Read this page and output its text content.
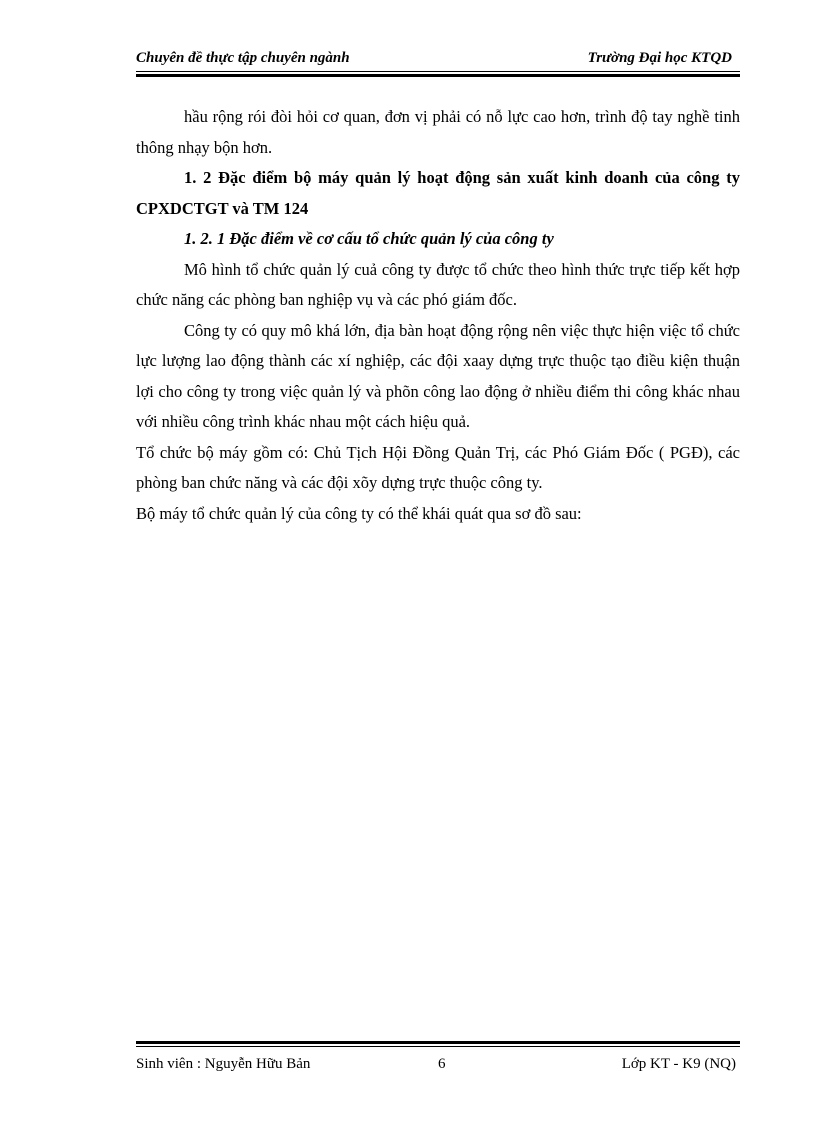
Chuyên đề thực tập chuyên ngành	Trường Đại học KTQD

hầu rộng rói đòi hỏi cơ quan, đơn vị phải có nỗ lực cao hơn, trình độ tay nghề tinh thông nhạy bộn hơn.

1. 2 Đặc điểm bộ máy quản lý hoạt động sản xuất kinh doanh của công ty CPXDCTGT và TM 124

1. 2. 1 Đặc điểm về cơ cấu tổ chức quản lý của công ty

Mô hình tổ chức quản lý cuả công ty được tổ chức theo hình thức trực tiếp kết hợp chức năng các phòng ban nghiệp vụ và các phó giám đốc.

Công ty có quy mô khá lớn, địa bàn hoạt động rộng nên việc thực hiện việc tổ chức lực lượng lao động thành các xí nghiệp, các đội xaay dựng trực thuộc tạo điều kiện thuận lợi cho công ty trong việc quản lý và phõn công lao động ở nhiều điểm thi công khác nhau với nhiều công trình khác nhau một cách hiệu quả.

Tổ chức bộ máy gồm có: Chủ Tịch Hội Đồng Quản Trị, các Phó Giám Đốc ( PGĐ), các phòng ban chức năng và các đội xõy dựng trực thuộc công ty.

Bộ máy tổ chức quản lý của công ty có thể khái quát qua sơ đồ sau:

Sinh viên : Nguyễn Hữu Bản	6	Lớp KT - K9 (NQ)
